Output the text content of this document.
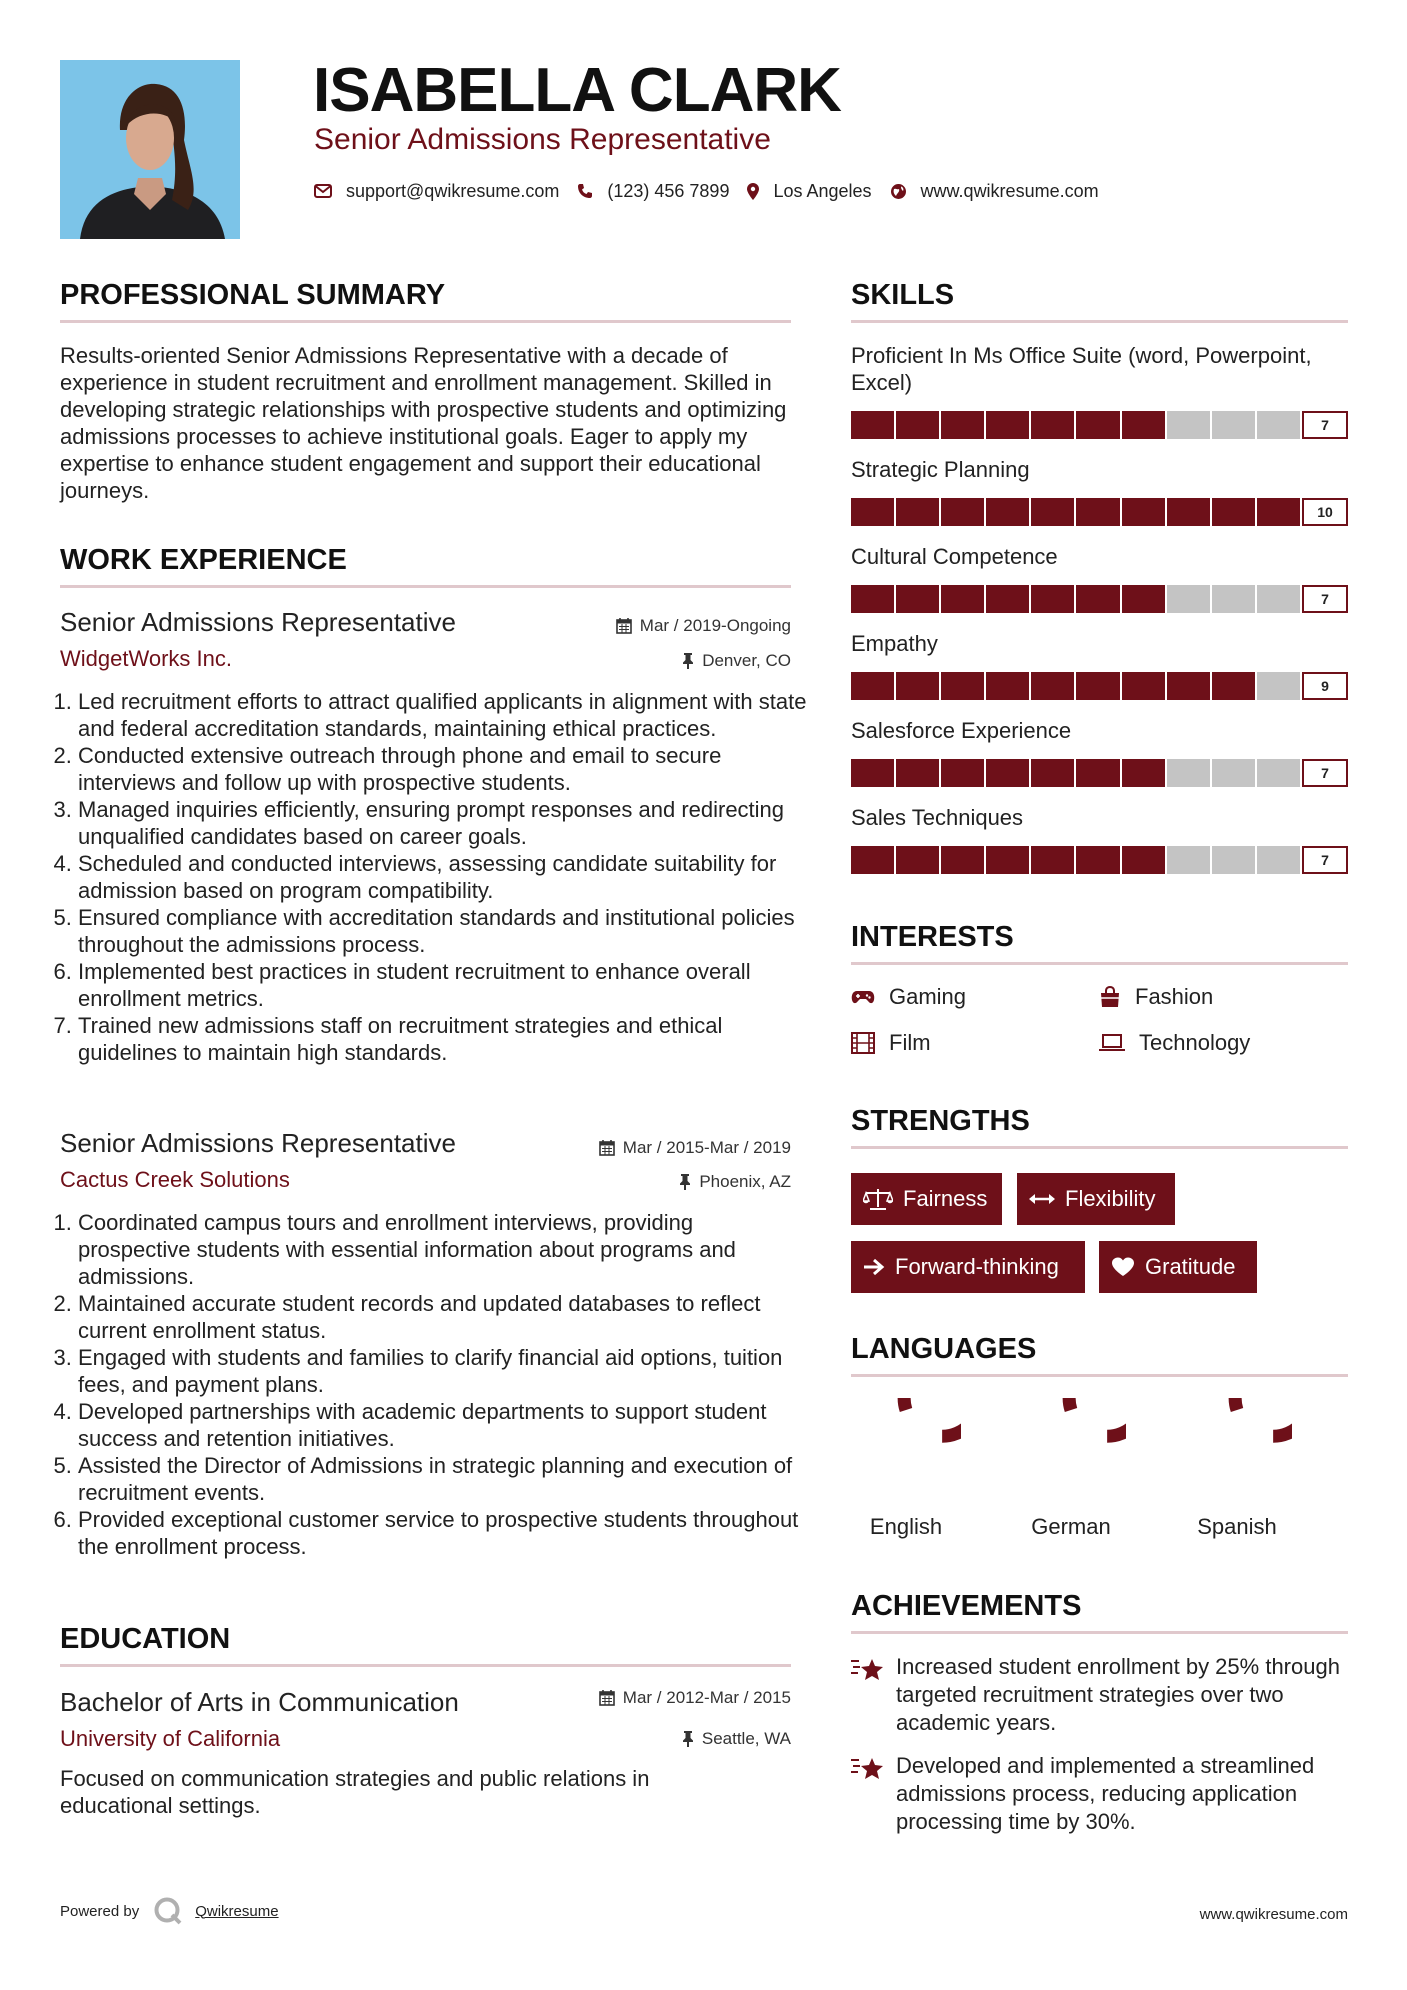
ISABELLA CLARK
Senior Admissions Representative
support@qwikresume.com	(123) 456 7899 Los Angeles	www.qwikresume.com
PROFESSIONAL SUMMARY
Results-oriented Senior Admissions Representative with a decade of experience in student recruitment and enrollment management. Skilled in developing strategic relationships with prospective students and optimizing admissions processes to achieve institutional goals. Eager to apply my expertise to enhance student engagement and support their educational journeys.
WORK EXPERIENCE
Senior Admissions Representative	Mar / 2019-Ongoing
WidgetWorks Inc.	Denver, CO
1. Led recruitment efforts to attract qualified applicants in alignment with state and federal accreditation standards, maintaining ethical practices.
2. Conducted extensive outreach through phone and email to secure interviews and follow up with prospective students.
3. Managed inquiries efficiently, ensuring prompt responses and redirecting unqualified candidates based on career goals.
4. Scheduled and conducted interviews, assessing candidate suitability for admission based on program compatibility.
5. Ensured compliance with accreditation standards and institutional policies throughout the admissions process.
6. Implemented best practices in student recruitment to enhance overall enrollment metrics.
7. Trained new admissions staff on recruitment strategies and ethical guidelines to maintain high standards.
Senior Admissions Representative	Mar / 2015-Mar / 2019
Cactus Creek Solutions	Phoenix, AZ
1. Coordinated campus tours and enrollment interviews, providing prospective students with essential information about programs and admissions.
2. Maintained accurate student records and updated databases to reflect current enrollment status.
3. Engaged with students and families to clarify financial aid options, tuition fees, and payment plans.
4. Developed partnerships with academic departments to support student success and retention initiatives.
5. Assisted the Director of Admissions in strategic planning and execution of recruitment events.
6. Provided exceptional customer service to prospective students throughout the enrollment process.
EDUCATION
Bachelor of Arts in Communication	Mar / 2012-Mar / 2015
University of California	Seattle, WA
Focused on communication strategies and public relations in educational settings.
SKILLS
Proficient In Ms Office Suite (word, Powerpoint, Excel)
7
Strategic Planning
10
Cultural Competence
7
Empathy
9
Salesforce Experience
7
Sales Techniques
7
INTERESTS
Gaming	Fashion
Film	Technology
STRENGTHS
Fairness	Flexibility
Forward-thinking	Gratitude
LANGUAGES
English	German	Spanish
ACHIEVEMENTS
Increased student enrollment by 25% through targeted recruitment strategies over two academic years.
Developed and implemented a streamlined admissions process, reducing application processing time by 30%.
Powered by	Qwikresume	www.qwikresume.com
